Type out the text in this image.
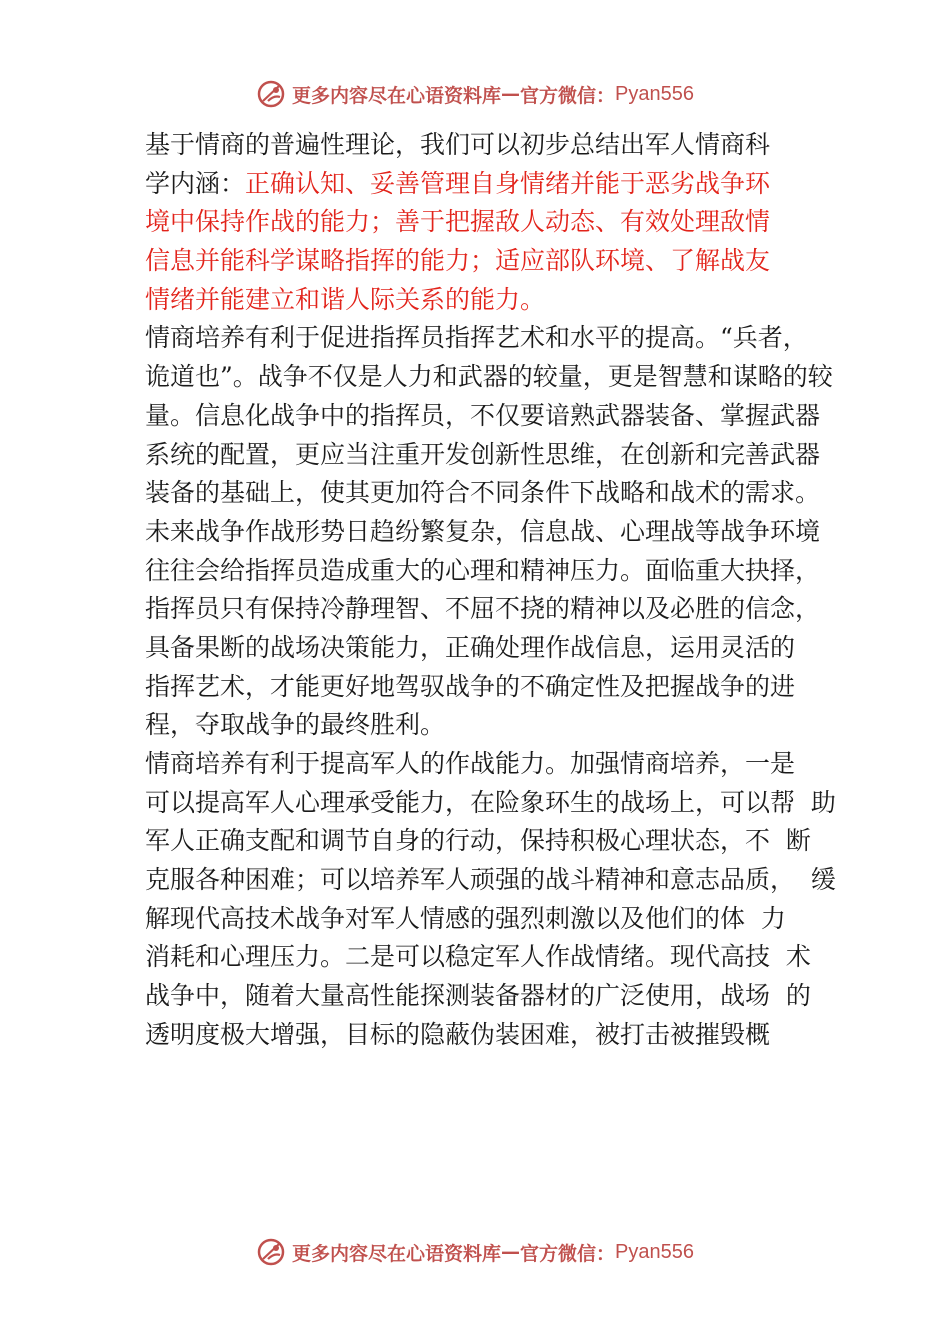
更多内容尽在心语资料库 — 官方微信： Pyan556
基于情商的普遍性理论，我们可以初步总结出军人情商科
学内涵：正确认知、妥善管理自身情绪并能于恶劣战争环
境中保持作战的能力；善于把握敌人动态、有效处理敌情
信息并能科学谋略指挥的能力；适应部队环境、了解战友
情绪并能建立和谐人际关系的能力。
情商培养有利于促进指挥员指挥艺术和水平的提高。“兵者，
诡道也”。战争不仅是人力和武器的较量，更是智慧和谋略的较
量。信息化战争中的指挥员，不仅要谙熟武器装备、掌握武器
系统的配置，更应当注重开发创新性思维，在创新和完善武器
装备的基础上，使其更加符合不同条件下战略和战术的需求。
未来战争作战形势日趋纷繁复杂，信息战、心理战等战争环境
往往会给指挥员造成重大的心理和精神压力。面临重大抉择，
指挥员只有保持冷静理智、不屈不挠的精神以及必胜的信念，
具备果断的战场决策能力，正确处理作战信息，运用灵活的
指挥艺术，才能更好地驾驭战争的不确定性及把握战争的进
程，夺取战争的最终胜利。
情商培养有利于提高军人的作战能力。加强情商培养，一是
可以提高军人心理承受能力，在险象环生的战场上，可以帮  助
军人正确支配和调节自身的行动，保持积极心理状态，不  断
克服各种困难；可以培养军人顽强的战斗精神和意志品质，  缓
解现代高技术战争对军人情感的强烈刺激以及他们的体  力
消耗和心理压力。二是可以稳定军人作战情绪。现代高技  术
战争中，随着大量高性能探测装备器材的广泛使用，战场  的
透明度极大增强，目标的隐蔽伪装困难，被打击被摧毁概
更多内容尽在心语资料库 — 官方微信： Pyan556
